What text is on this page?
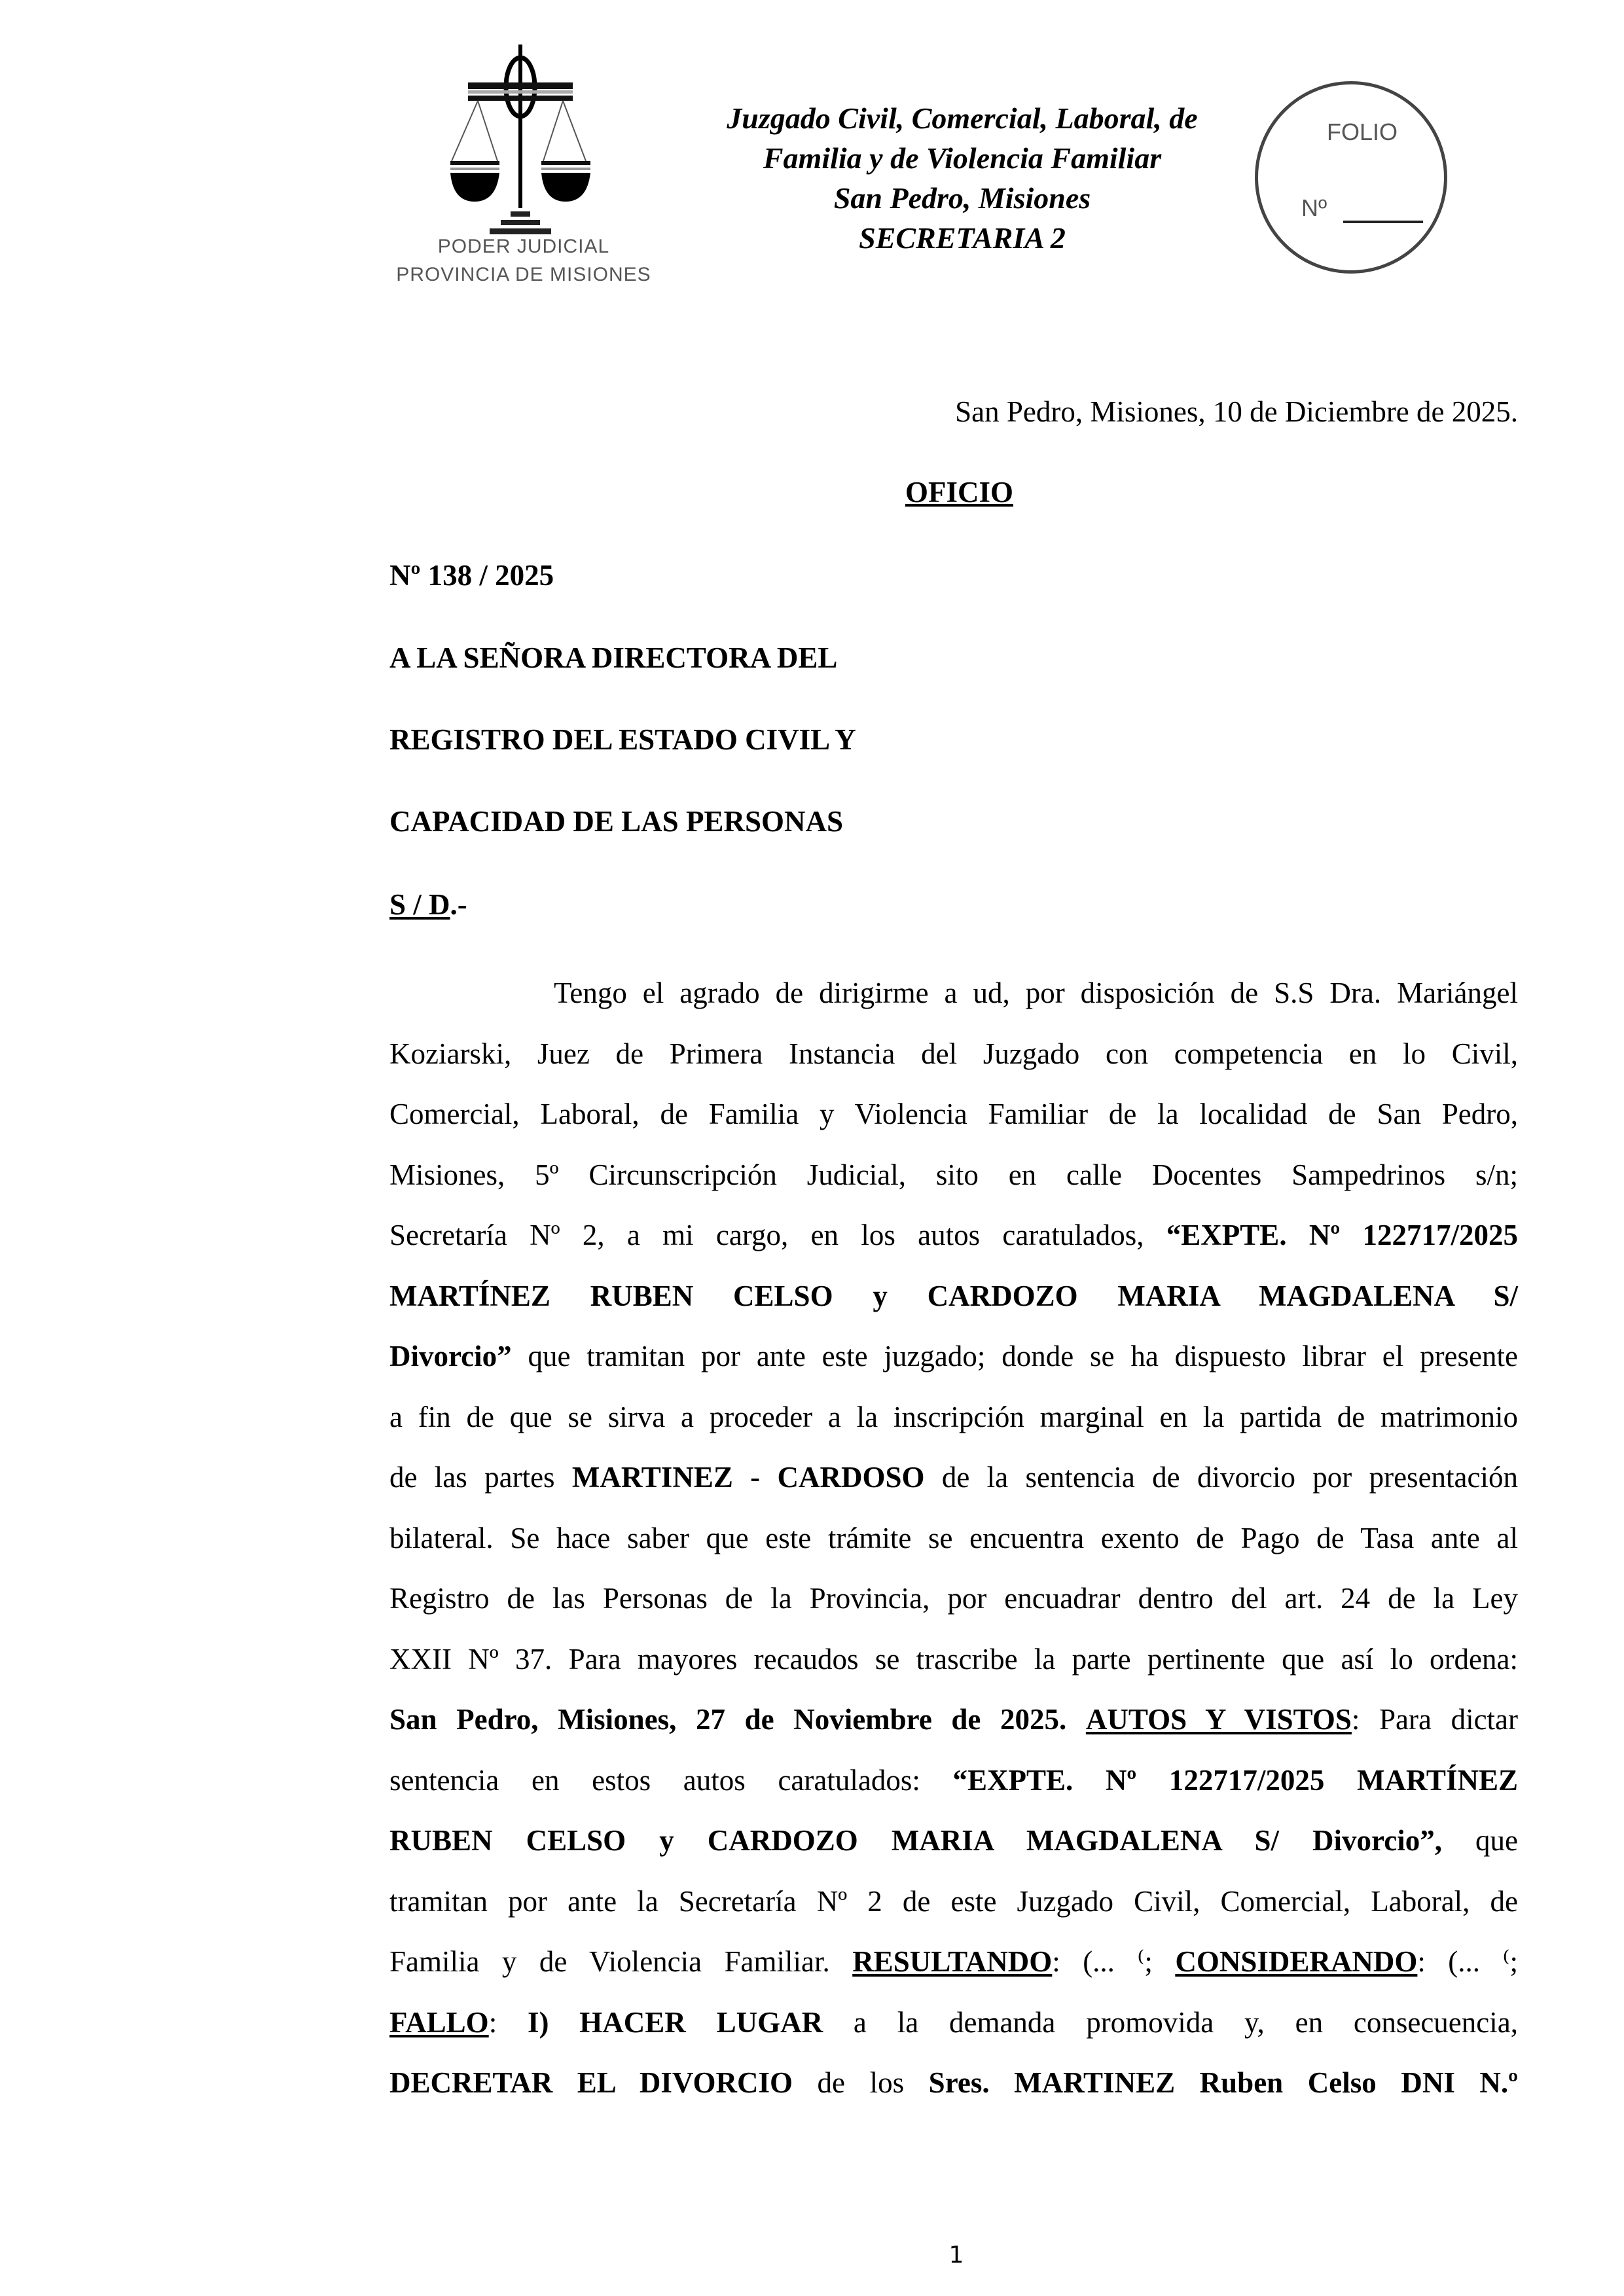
PODER JUDICIAL
PROVINCIA DE MISIONES
Juzgado Civil, Comercial, Laboral, de
Familia y de Violencia Familiar
San Pedro, Misiones
SECRETARIA 2
FOLIO
Nº
San Pedro, Misiones, 10 de Diciembre de 2025.
OFICIO
Nº 138 / 2025
A LA SEÑORA DIRECTORA DEL
REGISTRO DEL ESTADO CIVIL Y
CAPACIDAD DE LAS PERSONAS
S / D.-
Tengo el agrado de dirigirme a ud, por disposición de S.S Dra. Mariángel
Koziarski, Juez de Primera Instancia del Juzgado con competencia en lo Civil,
Comercial, Laboral, de Familia y Violencia Familiar de la localidad de San Pedro,
Misiones, 5º Circunscripción Judicial, sito en calle Docentes Sampedrinos s/n;
Secretaría Nº 2, a mi cargo, en los autos caratulados, “EXPTE. Nº 122717/2025
MARTÍNEZ RUBEN CELSO y CARDOZO MARIA MAGDALENA S/
Divorcio” que tramitan por ante este juzgado; donde se ha dispuesto librar el presente
a fin de que se sirva a proceder a la inscripción marginal en la partida de matrimonio
de las partes MARTINEZ - CARDOSO de la sentencia de divorcio por presentación
bilateral. Se hace saber que este trámite se encuentra exento de Pago de Tasa ante al
Registro de las Personas de la Provincia, por encuadrar dentro del art. 24 de la Ley
XXII Nº 37. Para mayores recaudos se trascribe la parte pertinente que así lo ordena:
San Pedro, Misiones, 27 de Noviembre de 2025. AUTOS Y VISTOS: Para dictar
sentencia en estos autos caratulados: “EXPTE. Nº 122717/2025 MARTÍNEZ
RUBEN CELSO y CARDOZO MARIA MAGDALENA S/ Divorcio”, que
tramitan por ante la Secretaría Nº 2 de este Juzgado Civil, Comercial, Laboral, de
Familia y de Violencia Familiar. RESULTANDO: (... ⁽; CONSIDERANDO: (... ⁽;
FALLO: I) HACER LUGAR a la demanda promovida y, en consecuencia,
DECRETAR EL DIVORCIO de los Sres. MARTINEZ Ruben Celso DNI N.º
1
